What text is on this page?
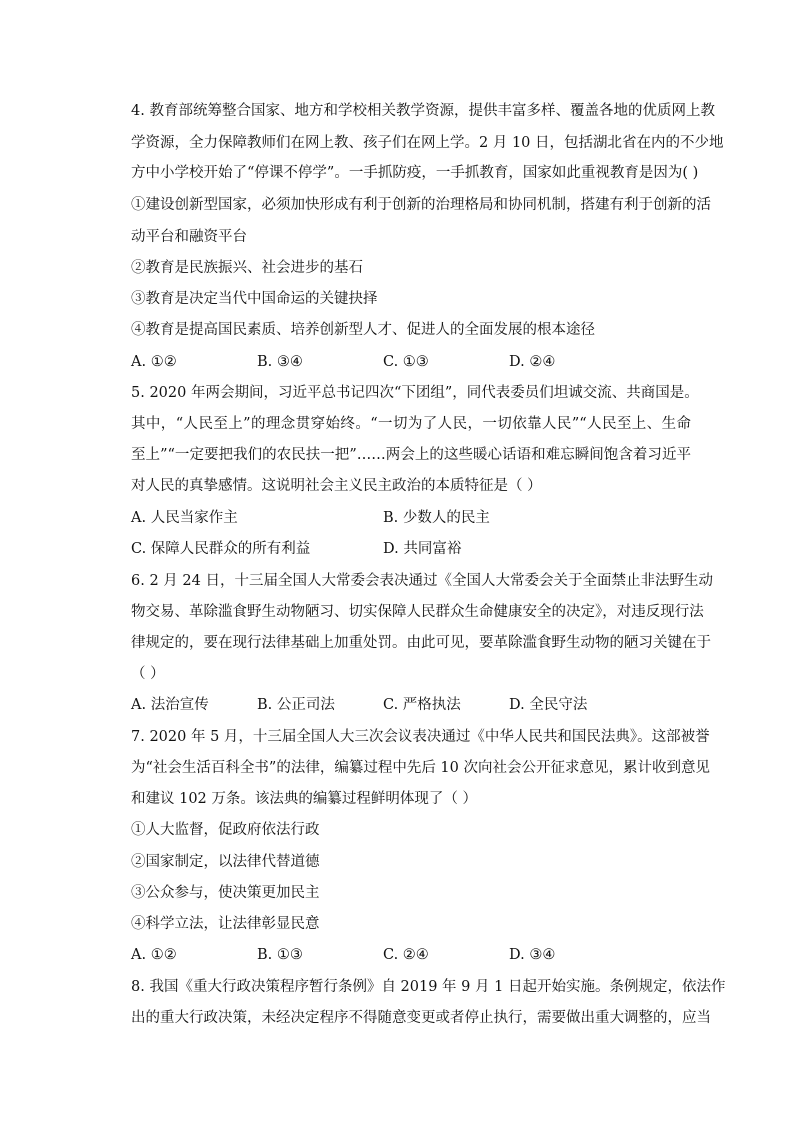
4. 教育部统筹整合国家、地方和学校相关教学资源，提供丰富多样、覆盖各地的优质网上教
学资源，全力保障教师们在网上教、孩子们在网上学。2 月 10 日，包括湖北省在内的不少地
方中小学校开始了“停课不停学”。一手抓防疫，一手抓教育，国家如此重视教育是因为( )
①建设创新型国家，必须加快形成有利于创新的治理格局和协同机制，搭建有利于创新的活
动平台和融资平台
②教育是民族振兴、社会进步的基石
③教育是决定当代中国命运的关键抉择
④教育是提高国民素质、培养创新型人才、促进人的全面发展的根本途径
A. ①②	B. ③④	C. ①③	D. ②④
5. 2020 年两会期间，习近平总书记四次“下团组”，同代表委员们坦诚交流、共商国是。
其中，“人民至上”的理念贯穿始终。“一切为了人民，一切依靠人民”“人民至上、生命
至上”“一定要把我们的农民扶一把”……两会上的这些暖心话语和难忘瞬间饱含着习近平
对人民的真挚感情。这说明社会主义民主政治的本质特征是（ ）
A. 人民当家作主	B. 少数人的民主
C. 保障人民群众的所有利益	D. 共同富裕
6. 2 月 24 日，十三届全国人大常委会表决通过《全国人大常委会关于全面禁止非法野生动
物交易、革除滥食野生动物陋习、切实保障人民群众生命健康安全的决定》，对违反现行法
律规定的，要在现行法律基础上加重处罚。由此可见，要革除滥食野生动物的陋习关键在于
（ ）
A. 法治宣传	B. 公正司法	C. 严格执法	D. 全民守法
7. 2020 年 5 月，十三届全国人大三次会议表决通过《中华人民共和国民法典》。这部被誉
为“社会生活百科全书”的法律，编纂过程中先后 10 次向社会公开征求意见，累计收到意见
和建议 102 万条。该法典的编纂过程鲜明体现了（ ）
①人大监督，促政府依法行政
②国家制定，以法律代替道德
③公众参与，使决策更加民主
④科学立法，让法律彰显民意
A. ①②	B. ①③	C. ②④	D. ③④
8. 我国《重大行政决策程序暂行条例》自 2019 年 9 月 1 日起开始实施。条例规定，依法作
出的重大行政决策，未经决定程序不得随意变更或者停止执行，需要做出重大调整的，应当
